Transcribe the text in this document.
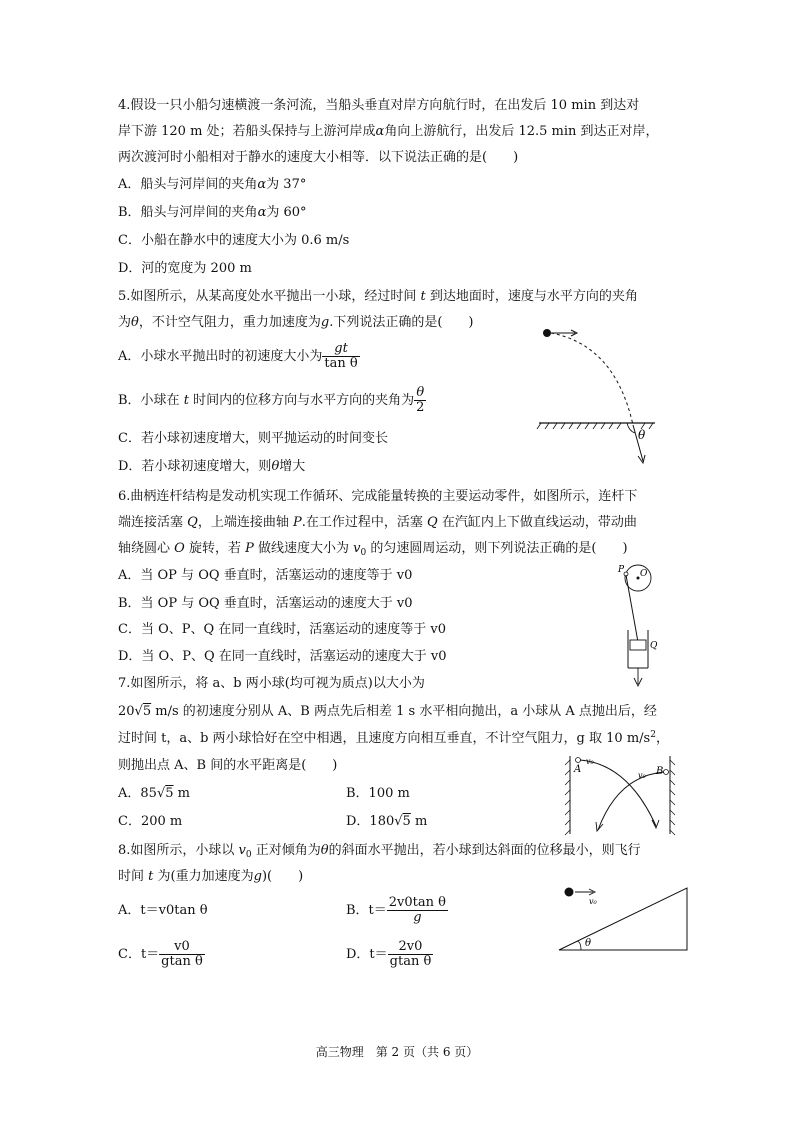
4.假设一只小船匀速横渡一条河流，当船头垂直对岸方向航行时，在出发后 10 min 到达对
岸下游 120 m 处；若船头保持与上游河岸成α角向上游航行，出发后 12.5 min 到达正对岸，
两次渡河时小船相对于静水的速度大小相等．以下说法正确的是(　　)
A．船头与河岸间的夹角α为 37°
B．船头与河岸间的夹角α为 60°
C．小船在静水中的速度大小为 0.6 m/s
D．河的宽度为 200 m
5.如图所示，从某高度处水平抛出一小球，经过时间 t 到达地面时，速度与水平方向的夹角
为θ，不计空气阻力，重力加速度为g.下列说法正确的是(　　)
A．小球水平抛出时的初速度大小为 $\frac{gt}{\text{tan θ}}$
B．小球在 t 时间内的位移方向与水平方向的夹角为 $\frac{\theta}{2}$
C．若小球初速度增大，则平抛运动的时间变长
D．若小球初速度增大，则θ增大
θ
6.曲柄连杆结构是发动机实现工作循环、完成能量转换的主要运动零件，如图所示，连杆下
端连接活塞 Q，上端连接曲轴 P.在工作过程中，活塞 Q 在汽缸内上下做直线运动，带动曲
轴绕圆心 O 旋转，若 P 做线速度大小为 $v_0$ 的匀速圆周运动，则下列说法正确的是(　　)
A．当 OP 与 OQ 垂直时，活塞运动的速度等于 v0
B．当 OP 与 OQ 垂直时，活塞运动的速度大于 v0
C．当 O、P、Q 在同一直线时，活塞运动的速度等于 v0
D．当 O、P、Q 在同一直线时，活塞运动的速度大于 v0
P O
Q
7.如图所示，将 a、b 两小球(均可视为质点)以大小为
20√5 m/s 的初速度分别从 A、B 两点先后相差 1 s 水平相向抛出，a 小球从 A 点抛出后，经
过时间 t，a、b 两小球恰好在空中相遇，且速度方向相互垂直，不计空气阻力，g 取 10 $m/s^2$，
则抛出点 A、B 间的水平距离是(　　)
A．85√5 m	B．100 m
C．200 m	D．180√5 m
A	B
v₀
v₀
8.如图所示，小球以 $v_0$ 正对倾角为θ的斜面水平抛出，若小球到达斜面的位移最小，则飞行
时间 t 为(重力加速度为g)(　　)
A．t＝v0tan θ	B．$t= \frac{\text{2v0tan θ}}{g}$
C．$t= \frac{v0}{\text{gtan θ}}$	D．$t= \frac{2v0}{\text{gtan θ}}$
v₀
θ
高三物理　第 2 页（共 6 页）
